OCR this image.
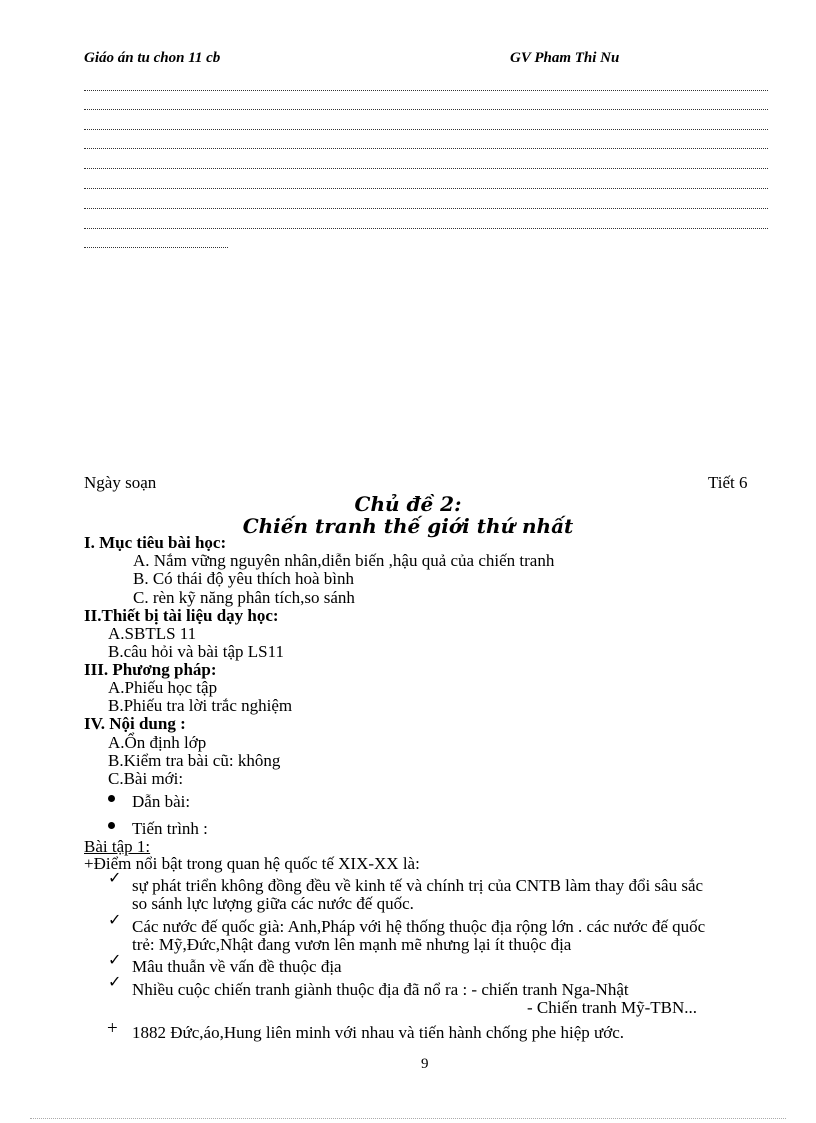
Giáo án tu chon 11 cb	GV Pham Thi Nu
Ngày soạn	Tiết 6
Chủ đề 2:
Chiến tranh thế giới thứ nhất
I. Mục tiêu bài học:
A. Nắm vững nguyên nhân,diễn biến ,hậu quả của chiến tranh
B. Có thái độ yêu thích hoà bình
C. rèn kỹ năng phân tích,so sánh
II.Thiết bị tài liệu dạy học:
A.SBTLS 11
B.câu hỏi và bài tập LS11
III. Phương pháp:
A.Phiếu học tập
B.Phiếu tra lời trắc nghiệm
IV. Nội dung :
A.Ổn định lớp
B.Kiểm tra bài cũ: không
C.Bài mới:
Dẫn bài:
Tiến trình :
Bài tập 1:
+Điểm nổi bật trong quan hệ quốc tế XIX-XX là:
✓ sự phát triển không đồng đều về kinh tế và chính trị của CNTB làm thay đổi sâu sắc
so sánh lực lượng giữa các nước đế quốc.
✓ Các nước đế quốc già: Anh,Pháp với hệ thống thuộc địa rộng lớn . các nước đế quốc
trẻ: Mỹ,Đức,Nhật đang vươn lên mạnh mẽ nhưng lại ít thuộc địa
✓ Mâu thuẫn về vấn đề thuộc địa
✓ Nhiều cuộc chiến tranh giành thuộc địa đã nổ ra : - chiến tranh Nga-Nhật
- Chiến tranh Mỹ-TBN...
+ 1882 Đức,áo,Hung liên minh với nhau và tiến hành chống phe hiệp ước.
9
